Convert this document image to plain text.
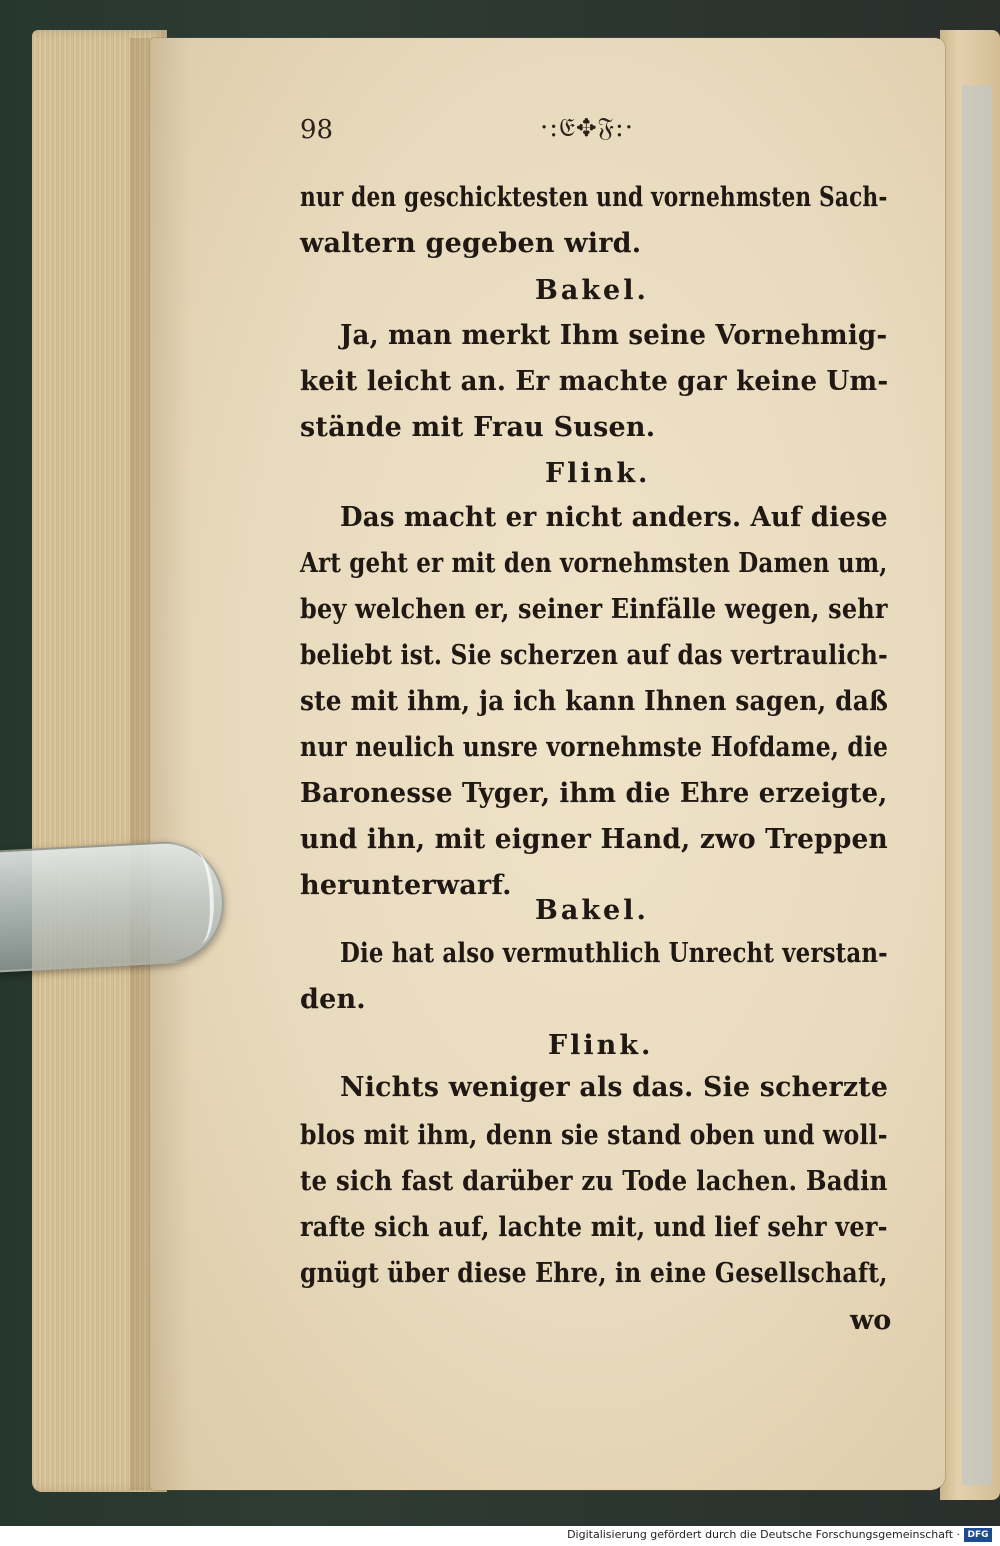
98	·:𝔈✥𝔉:·
nur den geschicktesten und vornehmsten Sach-
waltern gegeben wird.
Bakel.
Ja, man merkt Ihm seine Vornehmig-
keit leicht an. Er machte gar keine Um-
stände mit Frau Susen.
Flink.
Das macht er nicht anders. Auf diese
Art geht er mit den vornehmsten Damen um,
bey welchen er, seiner Einfälle wegen, sehr
beliebt ist. Sie scherzen auf das vertraulich-
ste mit ihm, ja ich kann Ihnen sagen, daß
nur neulich unsre vornehmste Hofdame, die
Baronesse Tyger, ihm die Ehre erzeigte,
und ihn, mit eigner Hand, zwo Treppen
herunterwarf.
Bakel.
Die hat also vermuthlich Unrecht verstan-
den.
Flink.
Nichts weniger als das. Sie scherzte
blos mit ihm, denn sie stand oben und woll-
te sich fast darüber zu Tode lachen. Badin
rafte sich auf, lachte mit, und lief sehr ver-
gnügt über diese Ehre, in eine Gesellschaft,
wo
Digitalisierung gefördert durch die Deutsche Forschungsgemeinschaft · DFG
